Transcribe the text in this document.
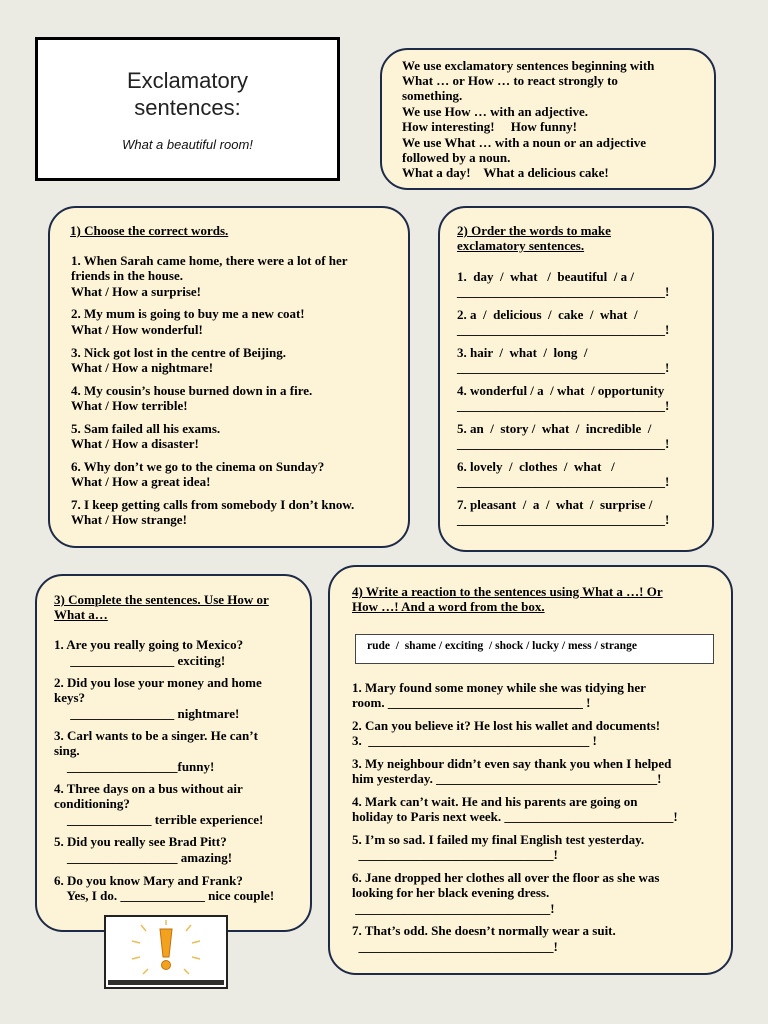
Exclamatory
sentences:
What a beautiful room!
We use exclamatory sentences beginning with
What … or How … to react strongly to
something.
We use How … with an adjective.
How interesting!     How funny!
We use What … with a noun or an adjective
followed by a noun.
What a day!    What a delicious cake!
1) Choose the correct words.
1. When Sarah came home, there were a lot of her
friends in the house.
What / How a surprise!
2. My mum is going to buy me a new coat!
What / How wonderful!
3. Nick got lost in the centre of Beijing.
What / How a nightmare!
4. My cousin’s house burned down in a fire.
What / How terrible!
5. Sam failed all his exams.
What / How a disaster!
6. Why don’t we go to the cinema on Sunday?
What / How a great idea!
7. I keep getting calls from somebody I don’t know.
What / How strange!
2) Order the words to make
exclamatory sentences.
1.  day  /  what   /  beautiful  / a /
________________________________!
2. a  /  delicious  /  cake  /  what  /
________________________________!
3. hair  /  what  /  long  /
________________________________!
4. wonderful / a  / what  / opportunity
________________________________!
5. an  /  story /  what  /  incredible  /
________________________________!
6. lovely  /  clothes  /  what   /
________________________________!
7. pleasant  /  a  /  what  /  surprise /
________________________________!
3) Complete the sentences. Use How or
What a…
1. Are you really going to Mexico?
________________ exciting!
2. Did you lose your money and home
keys?
________________ nightmare!
3. Carl wants to be a singer. He can’t
sing.
_________________funny!
4. Three days on a bus without air
conditioning?
_____________ terrible experience!
5. Did you really see Brad Pitt?
_________________ amazing!
6. Do you know Mary and Frank?
Yes, I do. _____________ nice couple!
4) Write a reaction to the sentences using What a …! Or
How …! And a word from the box.
rude  /  shame / exciting  / shock / lucky / mess / strange
1. Mary found some money while she was tidying her
room. ______________________________ !
2. Can you believe it? He lost his wallet and documents!
3.  __________________________________ !
3. My neighbour didn’t even say thank you when I helped
him yesterday. __________________________________!
4. Mark can’t wait. He and his parents are going on
holiday to Paris next week. __________________________!
5. I’m so sad. I failed my final English test yesterday.
______________________________!
6. Jane dropped her clothes all over the floor as she was
looking for her black evening dress.
______________________________!
7. That’s odd. She doesn’t normally wear a suit.
______________________________!
